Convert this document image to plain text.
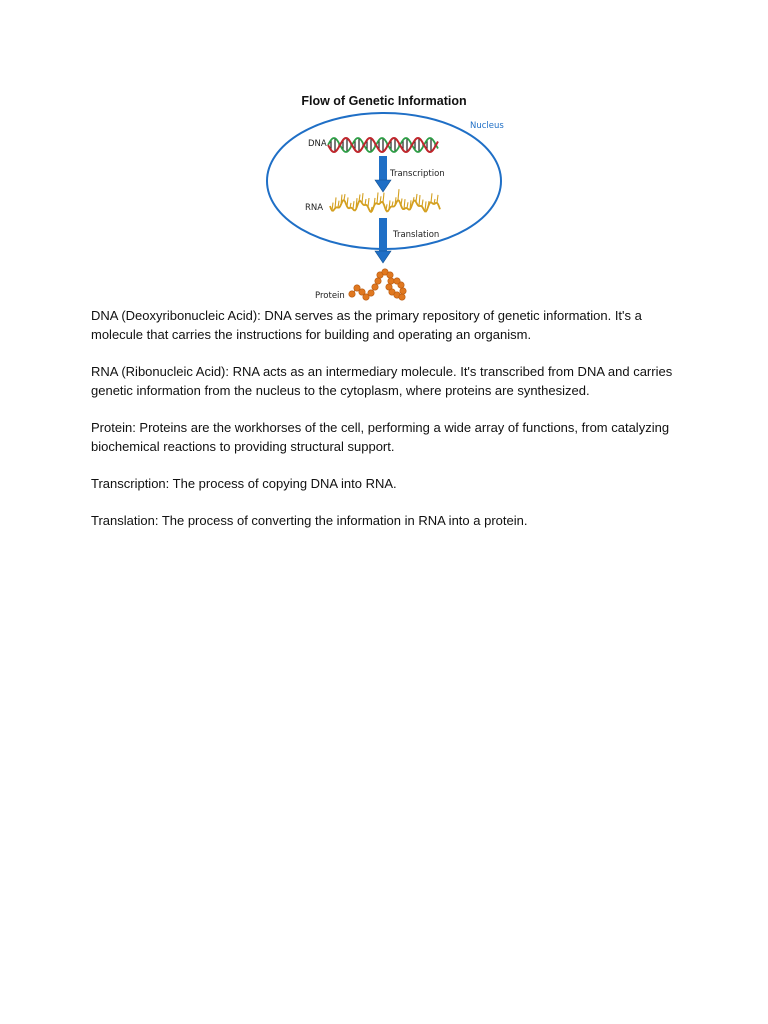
Flow of Genetic Information
Nucleus
DNA
Transcription
RNA
Translation
Protein

DNA (Deoxyribonucleic Acid): DNA serves as the primary repository of genetic information. It's a molecule that carries the instructions for building and operating an organism.

RNA (Ribonucleic Acid): RNA acts as an intermediary molecule. It's transcribed from DNA and carries genetic information from the nucleus to the cytoplasm, where proteins are synthesized.

Protein: Proteins are the workhorses of the cell, performing a wide array of functions, from catalyzing biochemical reactions to providing structural support.

Transcription: The process of copying DNA into RNA.

Translation: The process of converting the information in RNA into a protein.
